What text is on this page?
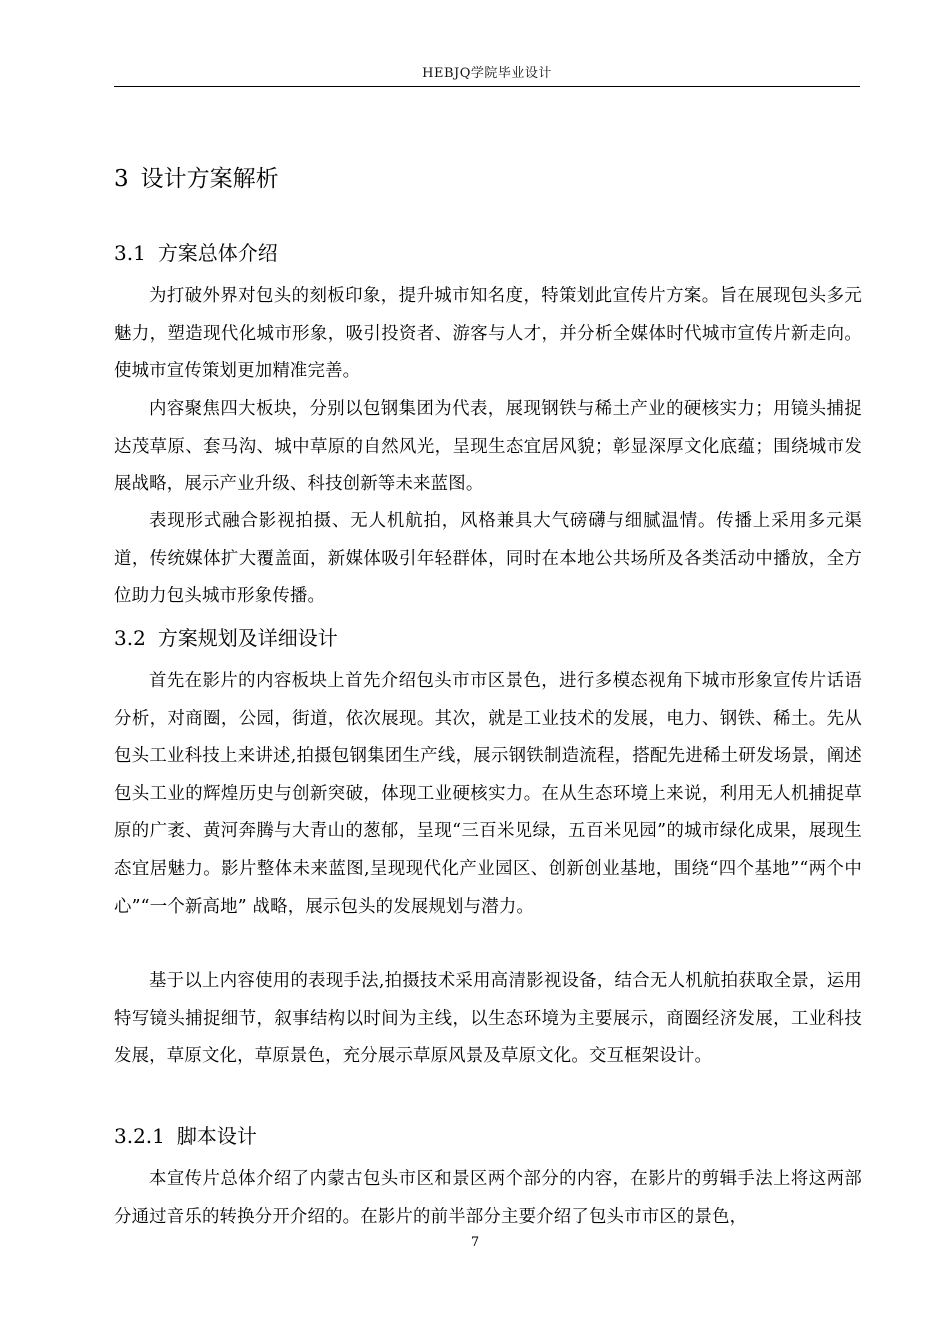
HEBJQ学院毕业设计
3 设计方案解析
3.1 方案总体介绍

为打破外界对包头的刻板印象，提升城市知名度，特策划此宣传片方案。旨在展现包头多元魅力，塑造现代化城市形象，吸引投资者、游客与人才，并分析全媒体时代城市宣传片新走向。使城市宣传策划更加精准完善。

内容聚焦四大板块，分别以包钢集团为代表，展现钢铁与稀土产业的硬核实力；用镜头捕捉达茂草原、套马沟、城中草原的自然风光，呈现生态宜居风貌；彰显深厚文化底蕴；围绕城市发展战略，展示产业升级、科技创新等未来蓝图。

表现形式融合影视拍摄、无人机航拍，风格兼具大气磅礴与细腻温情。传播上采用多元渠道，传统媒体扩大覆盖面，新媒体吸引年轻群体，同时在本地公共场所及各类活动中播放，全方位助力包头城市形象传播。

3.2 方案规划及详细设计

首先在影片的内容板块上首先介绍包头市市区景色，进行多模态视角下城市形象宣传片话语分析，对商圈，公园，街道，依次展现。其次，就是工业技术的发展，电力、钢铁、稀土。先从包头工业科技上来讲述,拍摄包钢集团生产线，展示钢铁制造流程，搭配先进稀土研发场景，阐述包头工业的辉煌历史与创新突破，体现工业硬核实力。在从生态环境上来说，利用无人机捕捉草原的广袤、黄河奔腾与大青山的葱郁，呈现“三百米见绿，五百米见园”的城市绿化成果，展现生态宜居魅力。影片整体未来蓝图,呈现现代化产业园区、创新创业基地，围绕“四个基地”“两个中心”“一个新高地” 战略，展示包头的发展规划与潜力。

基于以上内容使用的表现手法,拍摄技术采用高清影视设备，结合无人机航拍获取全景，运用特写镜头捕捉细节，叙事结构以时间为主线，以生态环境为主要展示，商圈经济发展，工业科技发展，草原文化，草原景色，充分展示草原风景及草原文化。交互框架设计。

3.2.1 脚本设计

本宣传片总体介绍了内蒙古包头市区和景区两个部分的内容，在影片的剪辑手法上将这两部分通过音乐的转换分开介绍的。在影片的前半部分主要介绍了包头市市区的景色，

7
